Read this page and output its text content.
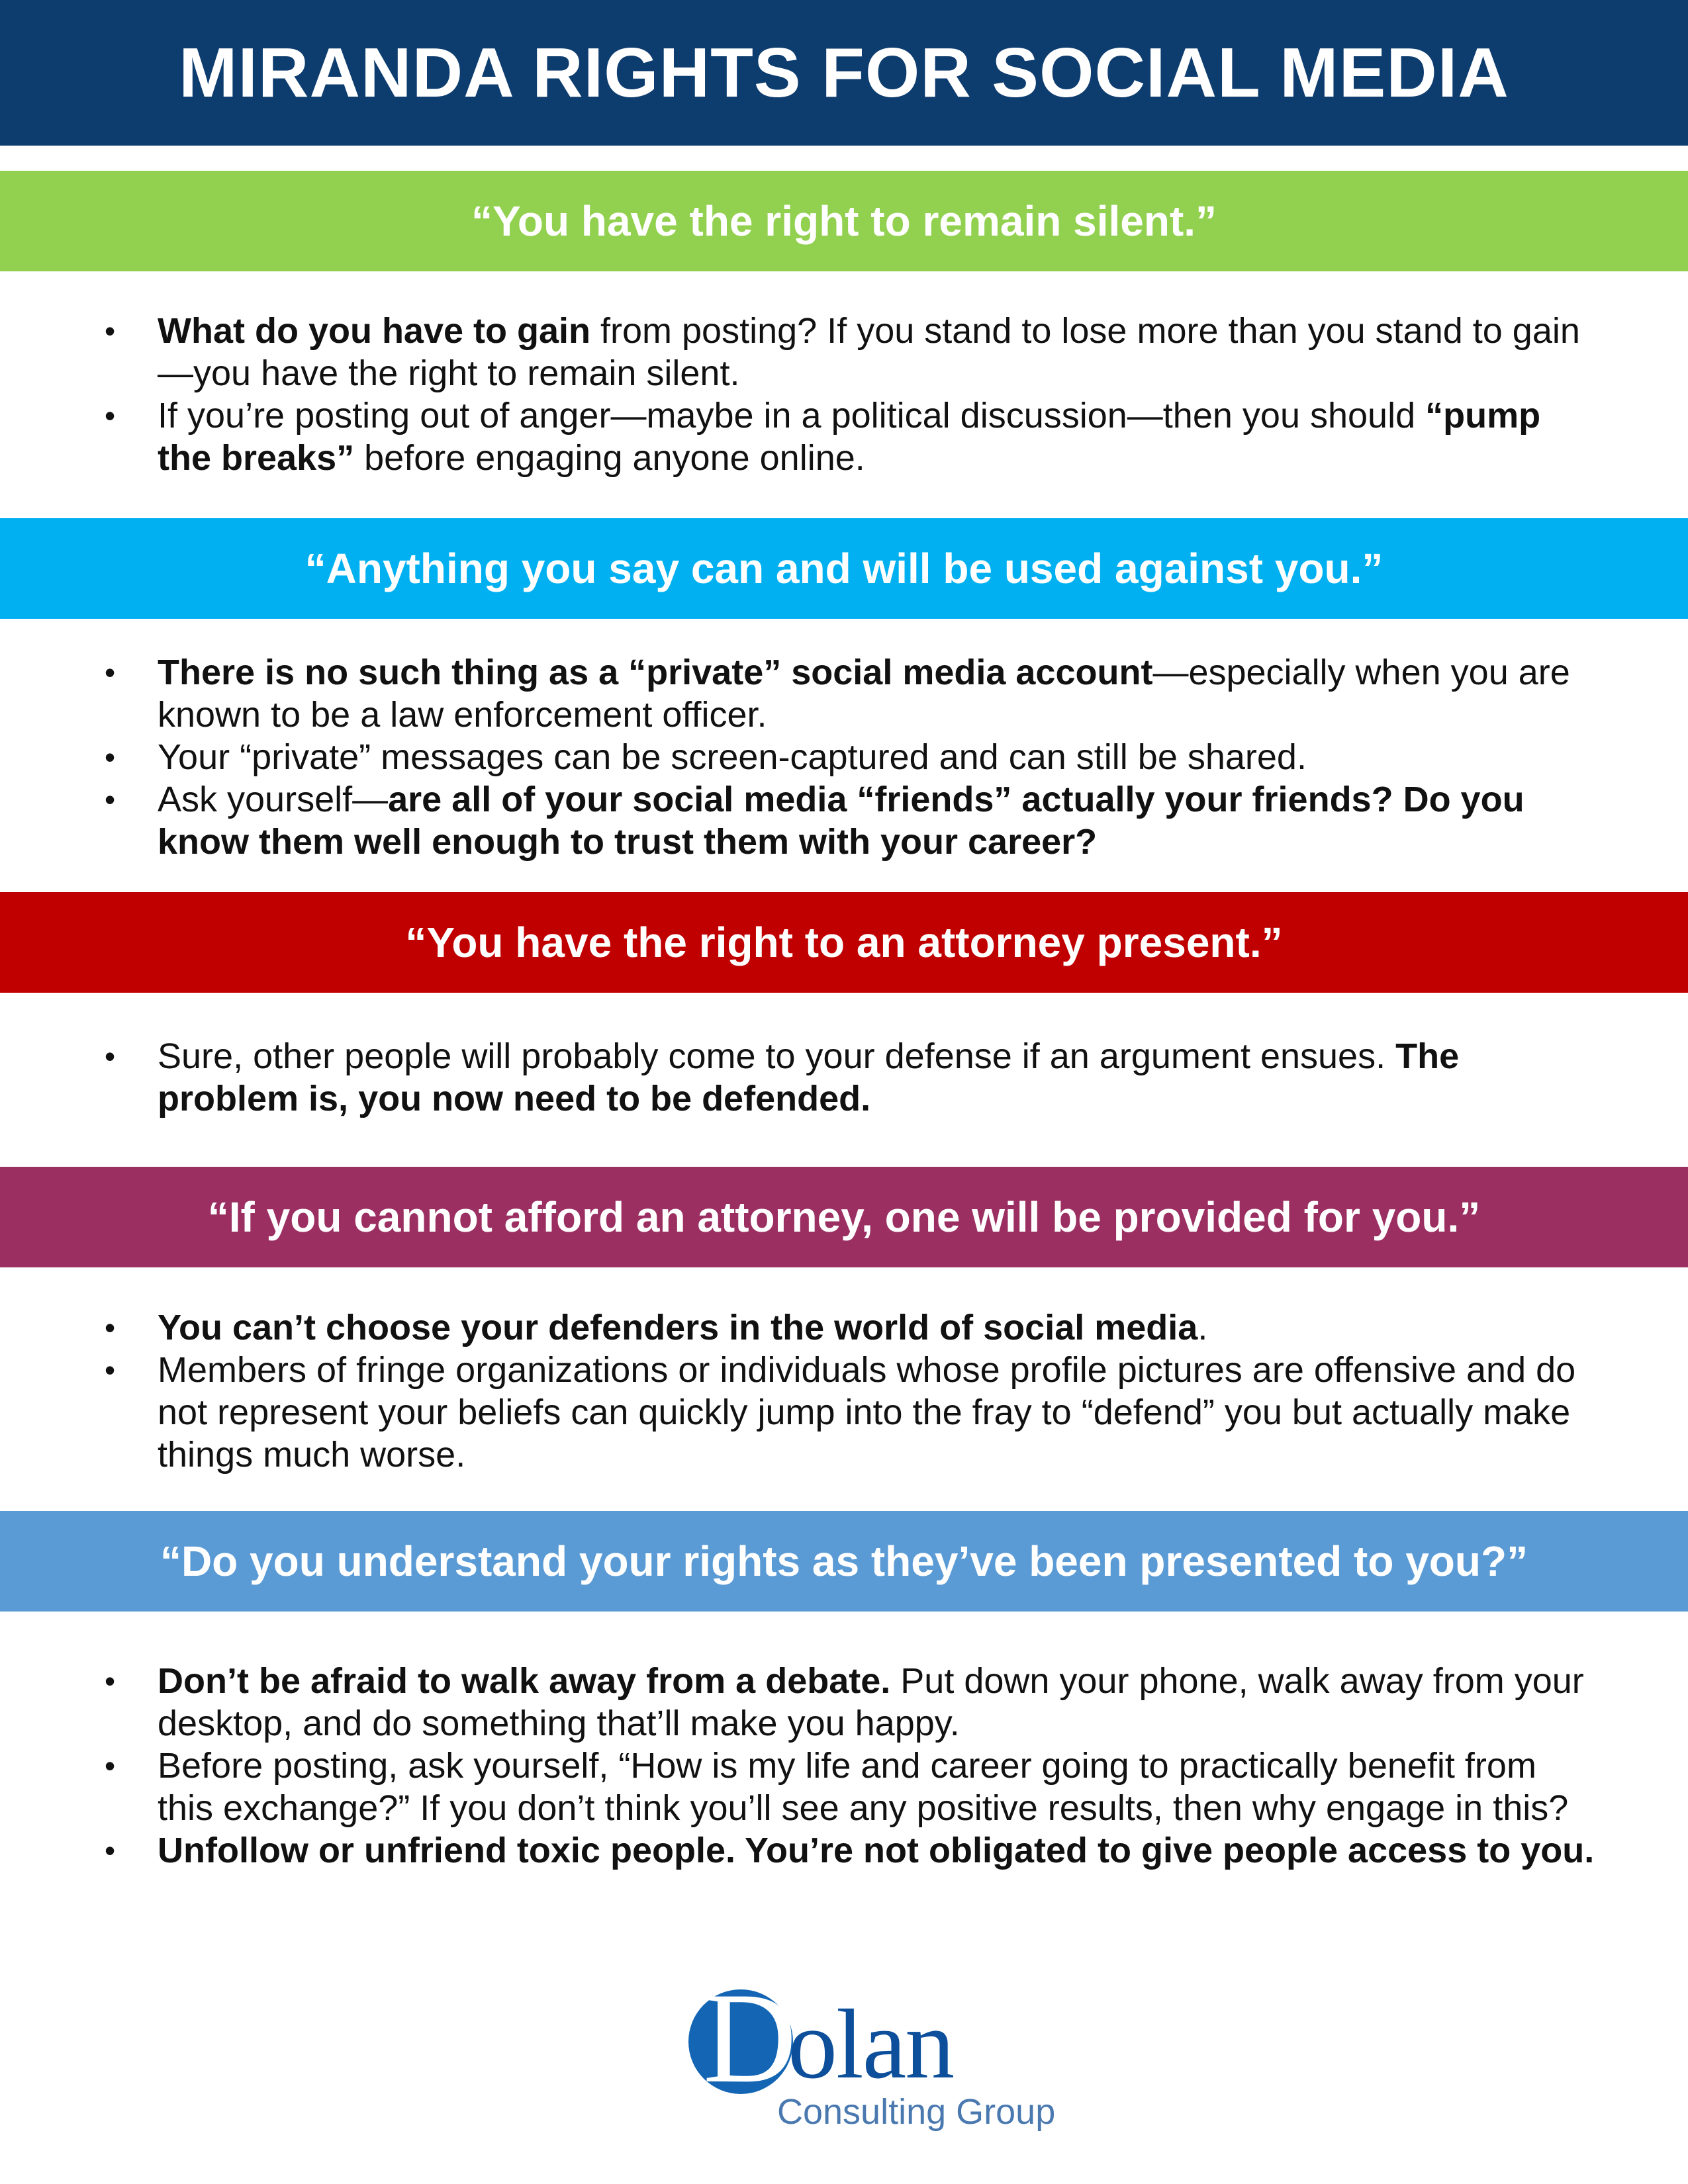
MIRANDA RIGHTS FOR SOCIAL MEDIA
“You have the right to remain silent.”
• What do you have to gain from posting? If you stand to lose more than you stand to gain—you have the right to remain silent.
• If you’re posting out of anger—maybe in a political discussion—then you should “pump the breaks” before engaging anyone online.
“Anything you say can and will be used against you.”
• There is no such thing as a “private” social media account—especially when you are known to be a law enforcement officer.
• Your “private” messages can be screen-captured and can still be shared.
• Ask yourself—are all of your social media “friends” actually your friends? Do you know them well enough to trust them with your career?
“You have the right to an attorney present.”
• Sure, other people will probably come to your defense if an argument ensues. The problem is, you now need to be defended.
“If you cannot afford an attorney, one will be provided for you.”
• You can’t choose your defenders in the world of social media.
• Members of fringe organizations or individuals whose profile pictures are offensive and do not represent your beliefs can quickly jump into the fray to “defend” you but actually make things much worse.
“Do you understand your rights as they’ve been presented to you?”
• Don’t be afraid to walk away from a debate. Put down your phone, walk away from your desktop, and do something that’ll make you happy.
• Before posting, ask yourself, “How is my life and career going to practically benefit from this exchange?” If you don’t think you’ll see any positive results, then why engage in this?
• Unfollow or unfriend toxic people. You’re not obligated to give people access to you.
D
olan
Consulting Group
